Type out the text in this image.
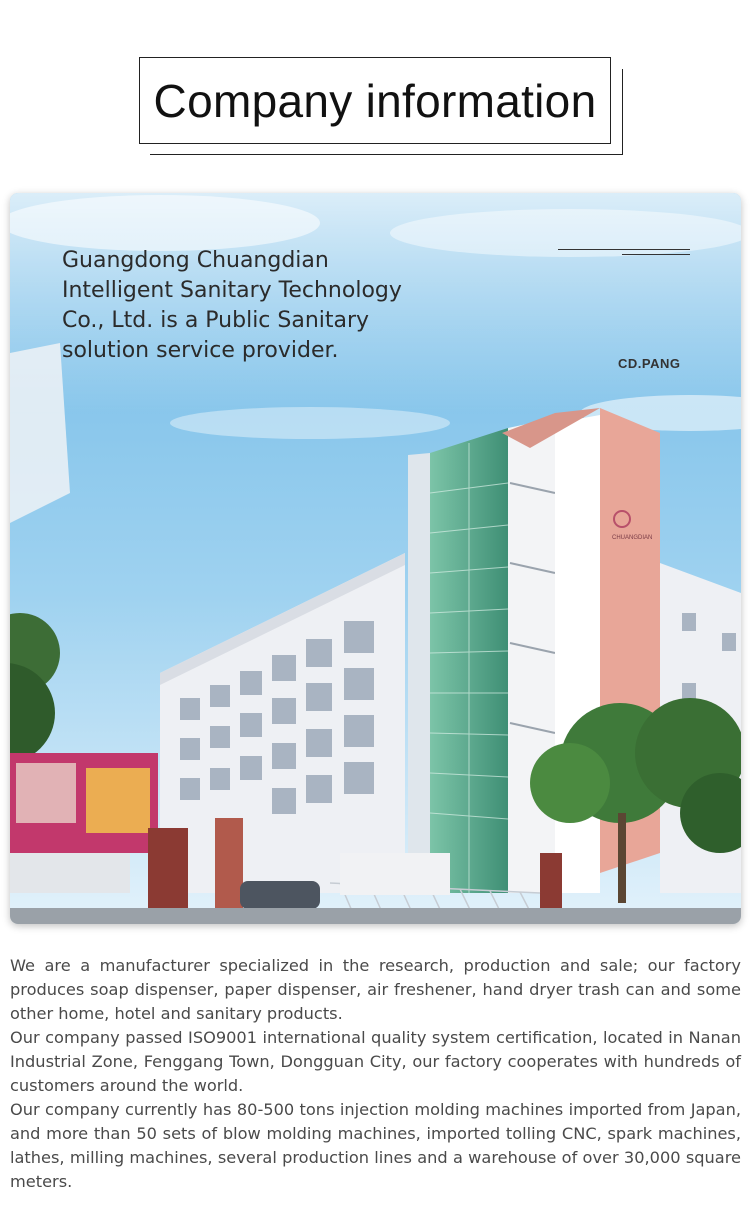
Company information
CHUANGDIAN
Guangdong Chuangdian Intelligent Sanitary Technology Co., Ltd. is a Public Sanitary solution service provider.
CD.PANG

We are a manufacturer specialized in the research, production and sale; our factory produces soap dispenser, paper dispenser, air freshener, hand dryer trash can and some other home, hotel and sanitary products.

Our company passed ISO9001 international quality system certification, located in Nanan Industrial Zone, Fenggang Town, Dongguan City, our factory cooperates with hundreds of customers around the world.

Our company currently has 80-500 tons injection molding machines imported from Japan, and more than 50 sets of blow molding machines, imported tolling CNC, spark machines, lathes, milling machines, several production lines and a warehouse of over 30,000 square meters.
